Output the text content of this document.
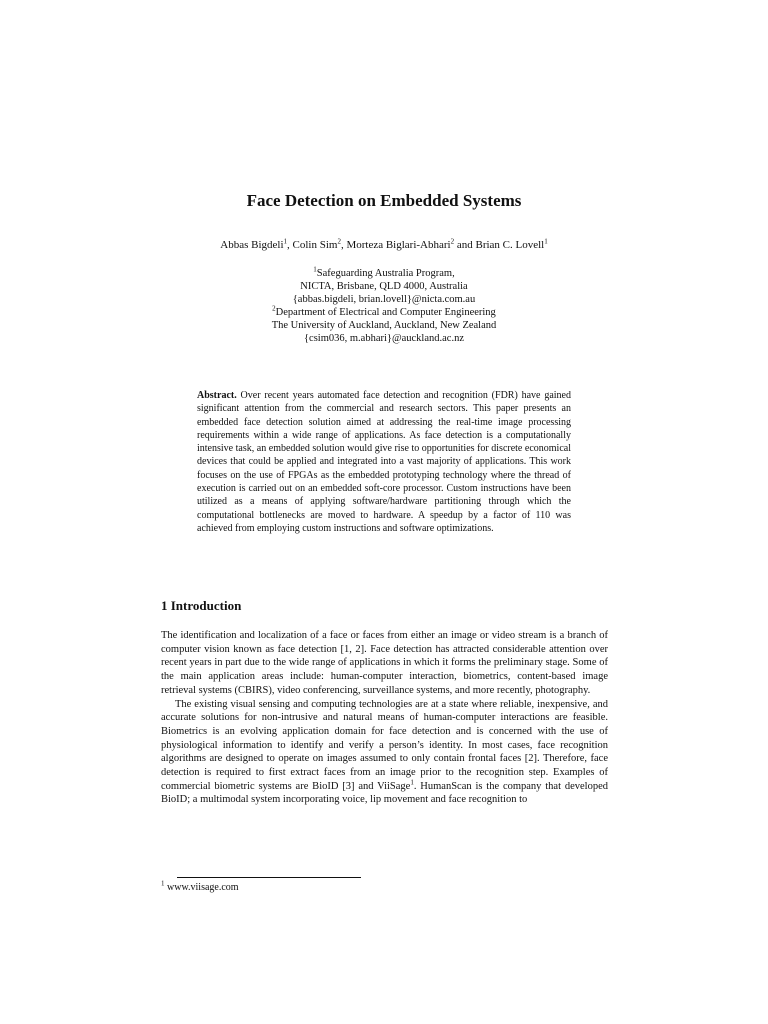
Face Detection on Embedded Systems
Abbas Bigdeli$^1$, Colin Sim$^2$, Morteza Biglari-Abhari$^2$ and Brian C. Lovell$^1$
$^1$Safeguarding Australia Program,
NICTA, Brisbane, QLD 4000, Australia
{abbas.bigdeli, brian.lovell}@nicta.com.au
$^2$Department of Electrical and Computer Engineering
The University of Auckland, Auckland, New Zealand
{csim036, m.abhari}@auckland.ac.nz
Abstract. Over recent years automated face detection and recognition (FDR) have gained significant attention from the commercial and research sectors. This paper presents an embedded face detection solution aimed at addressing the real-time image processing requirements within a wide range of applications. As face detection is a computationally intensive task, an embedded solution would give rise to opportunities for discrete economical devices that could be applied and integrated into a vast majority of applications. This work focuses on the use of FPGAs as the embedded prototyping technology where the thread of execution is carried out on an embedded soft-core processor. Custom instructions have been utilized as a means of applying software/hardware partitioning through which the computational bottlenecks are moved to hardware. A speedup by a factor of 110 was achieved from employing custom instructions and software optimizations.
1 Introduction

The identification and localization of a face or faces from either an image or video stream is a branch of computer vision known as face detection [1, 2]. Face detection has attracted considerable attention over recent years in part due to the wide range of applications in which it forms the preliminary stage. Some of the main application areas include: human-computer interaction, biometrics, content-based image retrieval systems (CBIRS), video conferencing, surveillance systems, and more recently, photography.

The existing visual sensing and computing technologies are at a state where reliable, inexpensive, and accurate solutions for non-intrusive and natural means of human-computer interactions are feasible. Biometrics is an evolving application domain for face detection and is concerned with the use of physiological information to identify and verify a person’s identity. In most cases, face recognition algorithms are designed to operate on images assumed to only contain frontal faces [2]. Therefore, face detection is required to first extract faces from an image prior to the recognition step. Examples of commercial biometric systems are BioID [3] and ViiSage$^1$. HumanScan is the company that developed BioID; a multimodal system incorporating voice, lip movement and face recognition to

$^1$ www.viisage.com
